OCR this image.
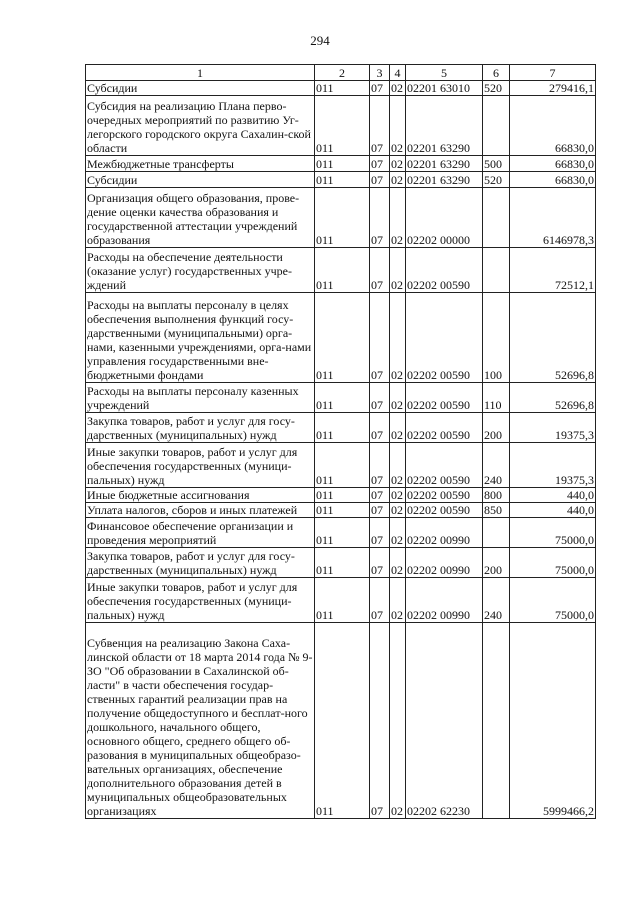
294
1	2	3	4	5	6	7
Субсидии	011	07	02	02201 63010	520	279416,1
Субсидия на реализацию Плана перво-очередных мероприятий по развитию Уг-легорского городского округа Сахалин-ской области	011	07	02	02201 63290		66830,0
Межбюджетные трансферты	011	07	02	02201 63290	500	66830,0
Субсидии	011	07	02	02201 63290	520	66830,0
Организация общего образования, прове-дение оценки качества образования и государственной аттестации учреждений образования	011	07	02	02202 00000		6146978,3
Расходы на обеспечение деятельности (оказание услуг) государственных учре-ждений	011	07	02	02202 00590		72512,1
Расходы на выплаты персоналу в целях обеспечения выполнения функций госу-дарственными (муниципальными) орга-нами, казенными учреждениями, орга-нами управления государственными вне-бюджетными фондами	011	07	02	02202 00590	100	52696,8
Расходы на выплаты персоналу казенных учреждений	011	07	02	02202 00590	110	52696,8
Закупка товаров, работ и услуг для госу-дарственных (муниципальных) нужд	011	07	02	02202 00590	200	19375,3
Иные закупки товаров, работ и услуг для обеспечения государственных (муници-пальных) нужд	011	07	02	02202 00590	240	19375,3
Иные бюджетные ассигнования	011	07	02	02202 00590	800	440,0
Уплата налогов, сборов и иных платежей	011	07	02	02202 00590	850	440,0
Финансовое обеспечение организации и проведения мероприятий	011	07	02	02202 00990		75000,0
Закупка товаров, работ и услуг для госу-дарственных (муниципальных) нужд	011	07	02	02202 00990	200	75000,0
Иные закупки товаров, работ и услуг для обеспечения государственных (муници-пальных) нужд	011	07	02	02202 00990	240	75000,0
Субвенция на реализацию Закона Саха-линской области от 18 марта 2014 года № 9-ЗО "Об образовании в Сахалинской об-ласти" в части обеспечения государ-ственных гарантий реализации прав на получение общедоступного и бесплат-ного дошкольного, начального общего, основного общего, среднего общего об-разования в муниципальных общеобразо-вательных организациях, обеспечение дополнительного образования детей в муниципальных общеобразовательных организациях	011	07	02	02202 62230		5999466,2
